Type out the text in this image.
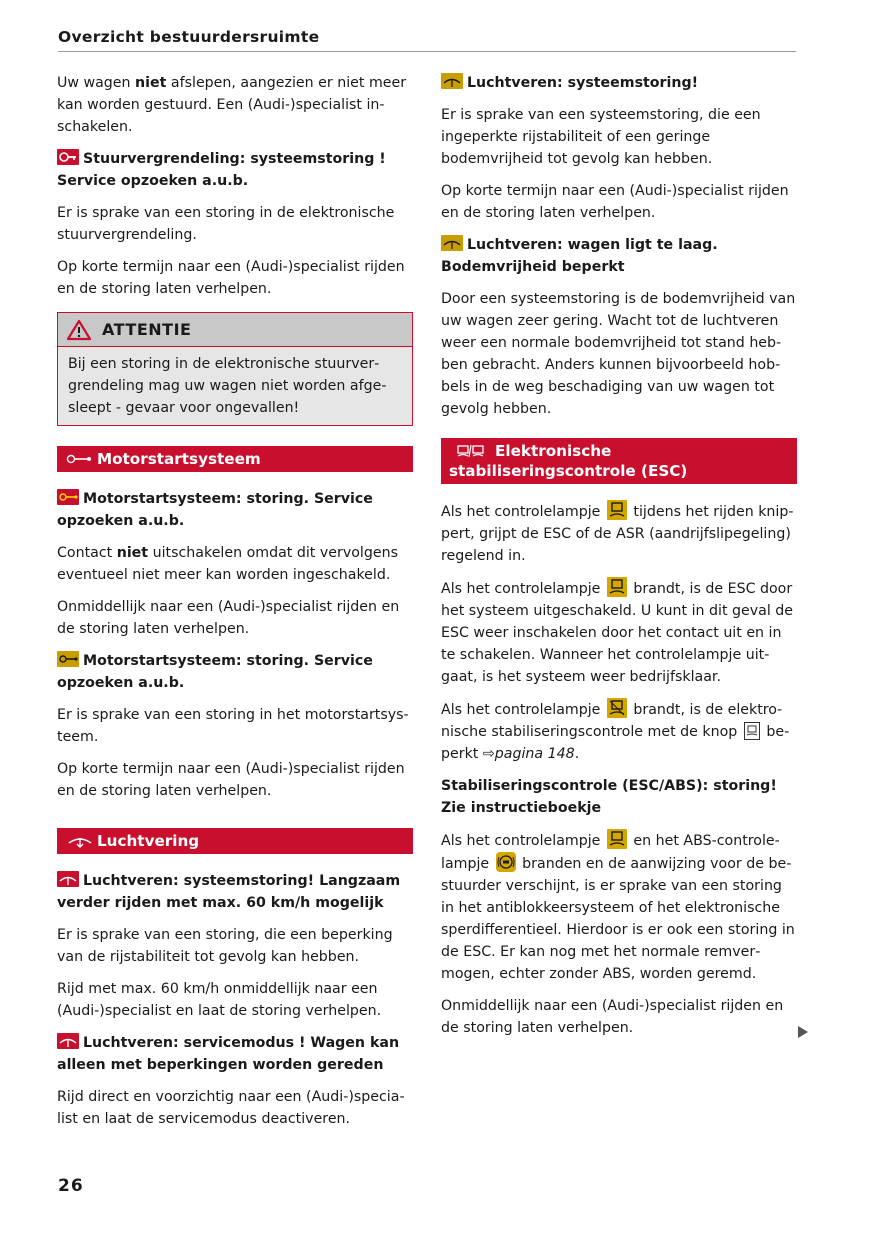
Overzicht bestuurdersruimte

Uw wagen niet afslepen, aangezien er niet meer kan worden gestuurd. Een (Audi-)specialist inschakelen.

Stuurvergrendeling: systeemstoring ! Service opzoeken a.u.b.

Er is sprake van een storing in de elektronische stuurvergrendeling.

Op korte termijn naar een (Audi-)specialist rijden en de storing laten verhelpen.

ATTENTIE
Bij een storing in de elektronische stuurvergrendeling mag uw wagen niet worden afgesleept - gevaar voor ongevallen!
Motorstartsysteem
Motorstartsysteem: storing. Service opzoeken a.u.b.

Contact niet uitschakelen omdat dit vervolgens eventueel niet meer kan worden ingeschakeld.

Onmiddellijk naar een (Audi-)specialist rijden en de storing laten verhelpen.

Motorstartsysteem: storing. Service opzoeken a.u.b.

Er is sprake van een storing in het motorstartsysteem.

Op korte termijn naar een (Audi-)specialist rijden en de storing laten verhelpen.

Luchtvering
Luchtveren: systeemstoring! Langzaam verder rijden met max. 60 km/h mogelijk

Er is sprake van een storing, die een beperking van de rijstabiliteit tot gevolg kan hebben.

Rijd met max. 60 km/h onmiddellijk naar een (Audi-)specialist en laat de storing verhelpen.

Luchtveren: servicemodus ! Wagen kan alleen met beperkingen worden gereden

Rijd direct en voorzichtig naar een (Audi-)specialist en laat de servicemodus deactiveren.

Luchtveren: systeemstoring!

Er is sprake van een systeemstoring, die een ingeperkte rijstabiliteit of een geringe bodemvrijheid tot gevolg kan hebben.

Op korte termijn naar een (Audi-)specialist rijden en de storing laten verhelpen.

Luchtveren: wagen ligt te laag. Bodemvrijheid beperkt

Door een systeemstoring is de bodemvrijheid van uw wagen zeer gering. Wacht tot de luchtveren weer een normale bodemvrijheid tot stand hebben gebracht. Anders kunnen bijvoorbeeld hobbels in de weg beschadiging van uw wagen tot gevolg hebben.

Elektronische stabiliseringscontrole (ESC)

Als het controlelampje
tijdens het rijden knippert, grijpt de ESC of de ASR (aandrijfslipegeling) regelend in.

Als het controlelampje
brandt, is de ESC door het systeem uitgeschakeld. U kunt in dit geval de ESC weer inschakelen door het contact uit en in te schakelen. Wanneer het controlelampje uitgaat, is het systeem weer bedrijfsklaar.

Als het controlelampje
brandt, is de elektronische stabiliseringscontrole met de knop  beperkt ⇨pagina 148.

Stabiliseringscontrole (ESC/ABS): storing! Zie instructieboekje

Als het controlelampje
en het ABS-controlelampje
branden en de aanwijzing voor de bestuurder verschijnt, is er sprake van een storing in het antiblokkeersysteem of het elektronische sperdifferentieel. Hierdoor is er ook een storing in de ESC. Er kan nog met het normale remvermogen, echter zonder ABS, worden geremd.

Onmiddellijk naar een (Audi-)specialist rijden en de storing laten verhelpen.

26
